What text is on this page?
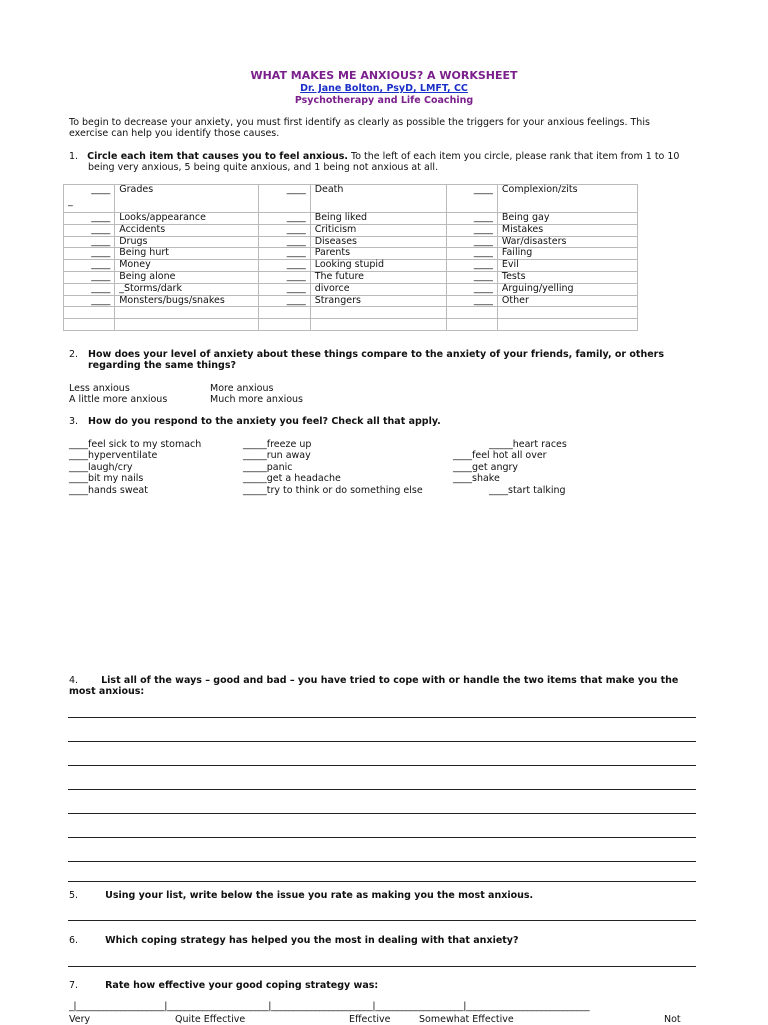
WHAT MAKES ME ANXIOUS? A WORKSHEET
Dr. Jane Bolton, PsyD, LMFT, CC
Psychotherapy and Life Coaching
To begin to decrease your anxiety, you must first identify as clearly as possible the triggers for your anxious feelings. This
exercise can help you identify those causes.
1. Circle each item that causes you to feel anxious. To the left of each item you circle, please rank that item from 1 to 10
being very anxious, 5 being quite anxious, and 1 being not anxious at all.
____	Grades	____	Death	____	Complexion/zits
____	Looks/appearance	____	Being liked	____	Being gay
____	Accidents	____	Criticism	____	Mistakes
____	Drugs	____	Diseases	____	War/disasters
____	Being hurt	____	Parents	____	Failing
____	Money	____	Looking stupid	____	Evil
____	Being alone	____	The future	____	Tests
____	_Storms/dark	____	divorce	____	Arguing/yelling
____	Monsters/bugs/snakes	____	Strangers	____	Other

_
2. How does your level of anxiety about these things compare to the anxiety of your friends, family, or others
regarding the same things?
Less anxious	More anxious
A little more anxious	Much more anxious
3. How do you respond to the anxiety you feel? Check all that apply.
____feel sick to my stomach
____hyperventilate
____laugh/cry
____bit my nails
____hands sweat
_____freeze up
_____run away
_____panic
_____get a headache
_____try to think or do something else
_____heart races
____feel hot all over
____get angry
____shake
____start talking
4. List all of the ways – good and bad – you have tried to cope with or handle the two items that make you the
most anxious:
5.	Using your list, write below the issue you rate as making you the most anxious.
6.	Which coping strategy has helped you the most in dealing with that anxiety?
7.	Rate how effective your good coping strategy was:
_|____________________|_______________________|_______________________|____________________|____________________________
Very	Quite Effective	Effective	Somewhat Effective	Not
